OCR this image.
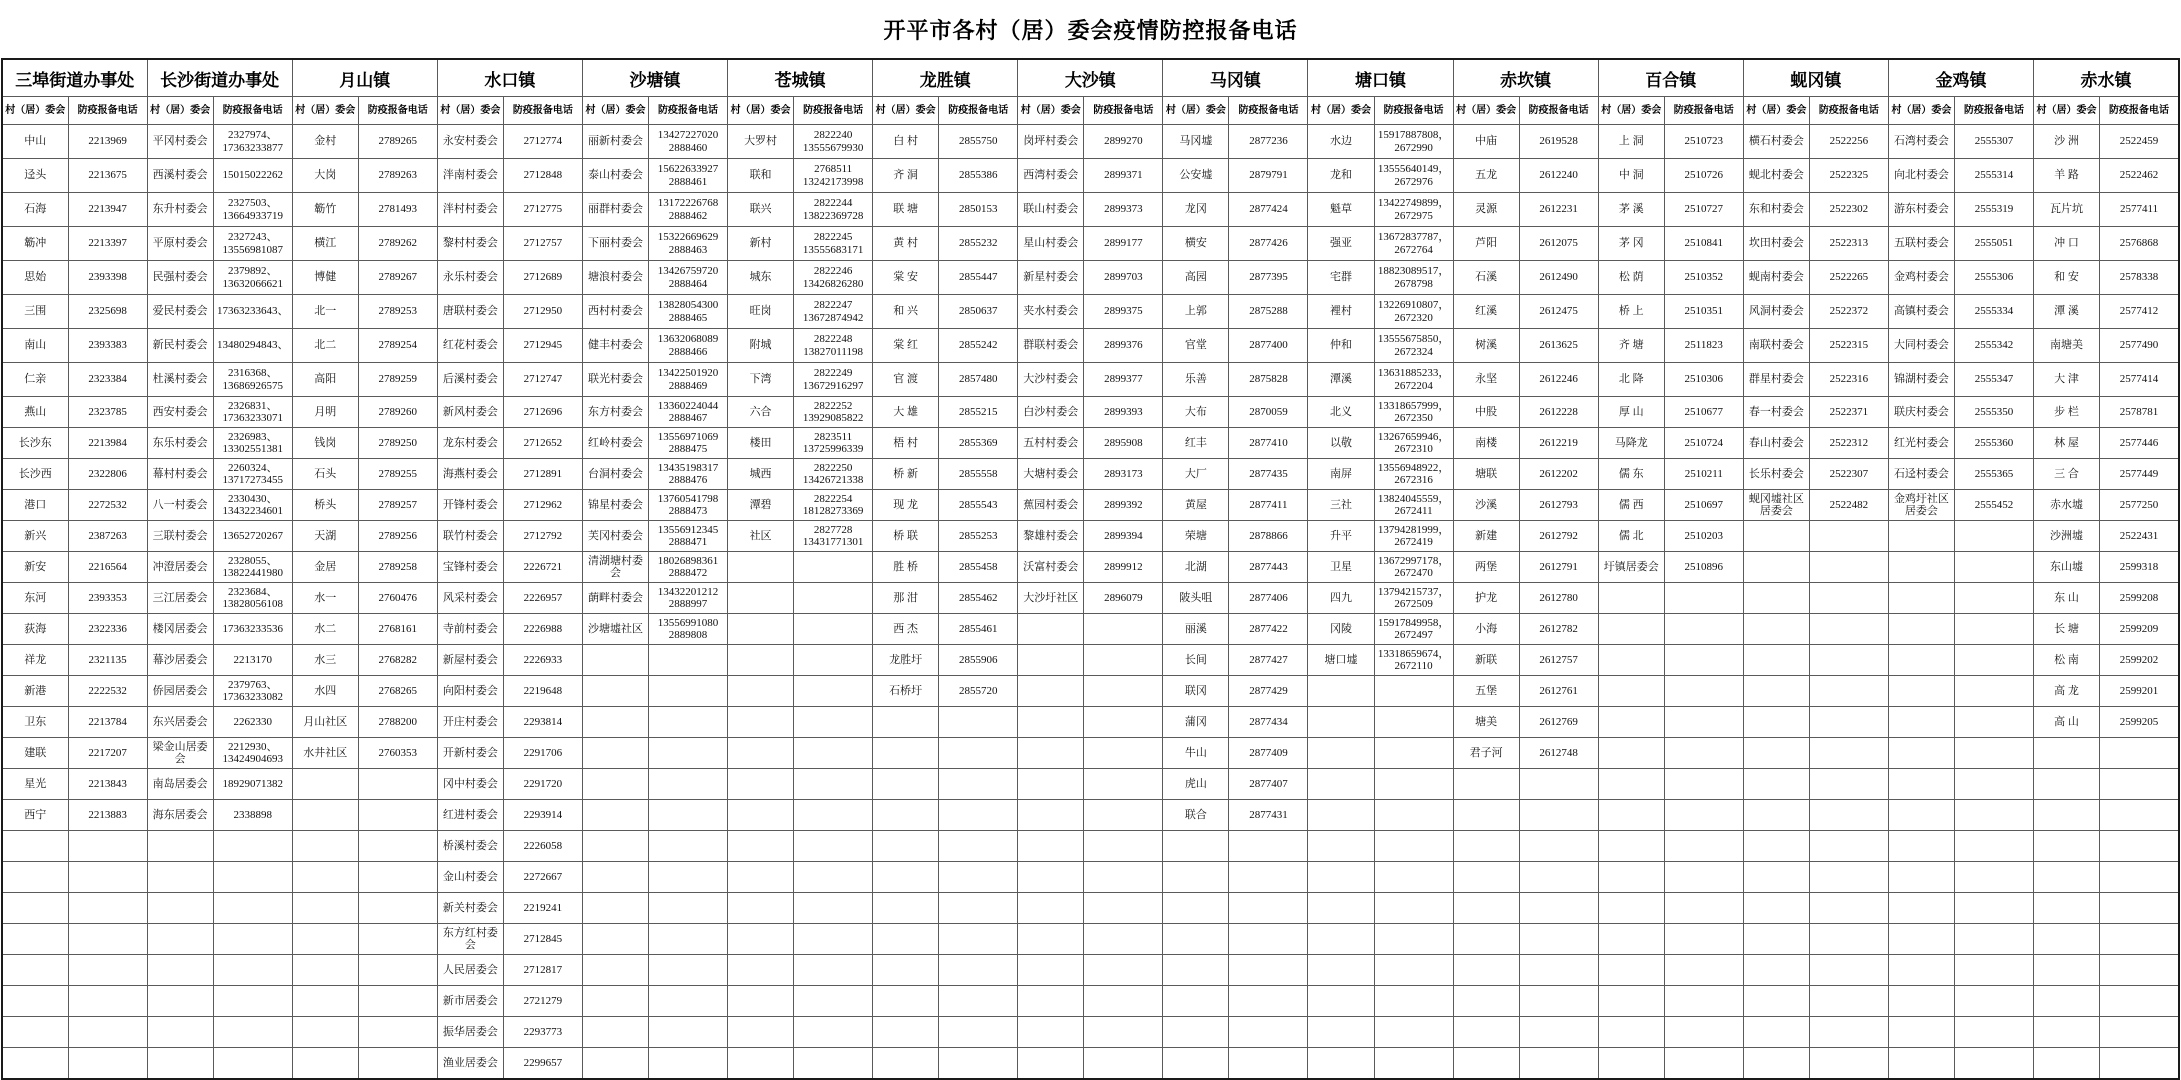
开平市各村（居）委会疫情防控报备电话
三埠街道办事处		长沙街道办事处		月山镇		水口镇		沙塘镇		苍城镇		龙胜镇		大沙镇		马冈镇		塘口镇		赤坎镇		百合镇		蚬冈镇		金鸡镇		赤水镇	
村（居）委会	防疫报备电话	村（居）委会	防疫报备电话	村（居）委会	防疫报备电话	村（居）委会	防疫报备电话	村（居）委会	防疫报备电话	村（居）委会	防疫报备电话	村（居）委会	防疫报备电话	村（居）委会	防疫报备电话	村（居）委会	防疫报备电话	村（居）委会	防疫报备电话	村（居）委会	防疫报备电话	村（居）委会	防疫报备电话	村（居）委会	防疫报备电话	村（居）委会	防疫报备电话	村（居）委会	防疫报备电话
中山	2213969	平冈村委会	2327974、17363233877	金村	2789265	永安村委会	2712774	丽新村委会	13427227020 2888460	大罗村	2822240 13555679930	白 村	2855750	岗坪村委会	2899270	马冈墟	2877236	水边	15917887808，2672990	中庙	2619528	上 洞	2510723	横石村委会	2522256	石湾村委会	2555307	沙 洲	2522459
迳头	2213675	西溪村委会	15015022262	大岗	2789263	泮南村委会	2712848	泰山村委会	15622633927 2888461	联和	2768511 13242173998	齐 洞	2855386	西湾村委会	2899371	公安墟	2879791	龙和	13555640149，2672976	五龙	2612240	中 洞	2510726	蚬北村委会	2522325	向北村委会	2555314	羊 路	2522462
石海	2213947	东升村委会	2327503、13664933719	簕竹	2781493	泮村村委会	2712775	丽群村委会	13172226768 2888462	联兴	2822244 13822369728	联 塘	2850153	联山村委会	2899373	龙冈	2877424	魁草	13422749899，2672975	灵源	2612231	茅 溪	2510727	东和村委会	2522302	游东村委会	2555319	瓦片坑	2577411
簕冲	2213397	平原村委会	2327243、13556981087	横江	2789262	黎村村委会	2712757	下丽村委会	15322669629 2888463	新村	2822245 13555683171	黄 村	2855232	星山村委会	2899177	横安	2877426	强亚	13672837787，2672764	芦阳	2612075	茅 冈	2510841	坎田村委会	2522313	五联村委会	2555051	冲 口	2576868
思始	2393398	民强村委会	2379892、13632066621	博健	2789267	永乐村委会	2712689	塘浪村委会	13426759720 2888464	城东	2822246 13426826280	棠 安	2855447	新星村委会	2899703	高园	2877395	宅群	18823089517，2678798	石溪	2612490	松 荫	2510352	蚬南村委会	2522265	金鸡村委会	2555306	和 安	2578338
三围	2325698	爱民村委会	17363233643、	北一	2789253	唐联村委会	2712950	西村村委会	13828054300 2888465	旺岗	2822247 13672874942	和 兴	2850637	夹水村委会	2899375	上郭	2875288	裡村	13226910807，2672320	红溪	2612475	桥 上	2510351	风洞村委会	2522372	高镇村委会	2555334	潭 溪	2577412
南山	2393383	新民村委会	13480294843、	北二	2789254	红花村委会	2712945	健丰村委会	13632068089 2888466	附城	2822248 13827011198	棠 红	2855242	群联村委会	2899376	官堂	2877400	仲和	13555675850，2672324	树溪	2613625	齐 塘	2511823	南联村委会	2522315	大同村委会	2555342	南塘美	2577490
仁亲	2323384	杜溪村委会	2316368、13686926575	高阳	2789259	后溪村委会	2712747	联光村委会	13422501920 2888469	下湾	2822249 13672916297	官 渡	2857480	大沙村委会	2899377	乐善	2875828	潭溪	13631885233，2672204	永坚	2612246	北 降	2510306	群星村委会	2522316	锦湖村委会	2555347	大 津	2577414
燕山	2323785	西安村委会	2326831、17363233071	月明	2789260	新风村委会	2712696	东方村委会	13360224044 2888467	六合	2822252 13929085822	大 雄	2855215	白沙村委会	2899393	大布	2870059	北义	13318657999，2672350	中股	2612228	厚 山	2510677	春一村委会	2522371	联庆村委会	2555350	步 栏	2578781
长沙东	2213984	东乐村委会	2326983、13302551381	钱岗	2789250	龙东村委会	2712652	红岭村委会	13556971069 2888475	楼田	2823511 13725996339	梧 村	2855369	五村村委会	2895908	红丰	2877410	以敬	13267659946，2672310	南楼	2612219	马降龙	2510724	春山村委会	2522312	红光村委会	2555360	林 屋	2577446
长沙西	2322806	幕村村委会	2260324、13717273455	石头	2789255	海燕村委会	2712891	台洞村委会	13435198317 2888476	城西	2822250 13426721338	桥 新	2855558	大塘村委会	2893173	大厂	2877435	南屏	13556948922，2672316	塘联	2612202	儒 东	2510211	长乐村委会	2522307	石迳村委会	2555365	三 合	2577449
港口	2272532	八一村委会	2330430、13432234601	桥头	2789257	开锋村委会	2712962	锦星村委会	13760541798 2888473	潭碧	2822254 18128273369	现 龙	2855543	蕉园村委会	2899392	黄屋	2877411	三社	13824045559，2672411	沙溪	2612793	儒 西	2510697	蚬冈墟社区居委会	2522482	金鸡圩社区居委会	2555452	赤水墟	2577250
新兴	2387263	三联村委会	13652720267	天湖	2789256	联竹村委会	2712792	芙冈村委会	13556912345 2888471	社区	2827728 13431771301	桥 联	2855253	黎雄村委会	2899394	荣塘	2878866	升平	13794281999，2672419	新建	2612792	儒 北	2510203					沙洲墟	2522431
新安	2216564	冲澄居委会	2328055、13822441980	金居	2789258	宝锋村委会	2226721	清湖塘村委会	18026898361 2888472			胜 桥	2855458	沃富村委会	2899912	北湖	2877443	卫星	13672997178，2672470	两堡	2612791	圩镇居委会	2510896					东山墟	2599318
东河	2393353	三江居委会	2323684、13828056108	水一	2760476	风采村委会	2226957	蓢畔村委会	13432201212 2888997			那 泔	2855462	大沙圩社区	2896079	陂头咀	2877406	四九	13794215737，2672509	护龙	2612780							东 山	2599208
荻海	2322336	楼冈居委会	17363233536	水二	2768161	寺前村委会	2226988	沙塘墟社区	13556991080 2889808			西 杰	2855461			丽溪	2877422	冈陵	15917849958，2672497	小海	2612782							长 塘	2599209
祥龙	2321135	幕沙居委会	2213170	水三	2768282	新屋村委会	2226933					龙胜圩	2855906			长间	2877427	塘口墟	13318659674，2672110	新联	2612757							松 南	2599202
新港	2222532	侨园居委会	2379763、17363233082	水四	2768265	向阳村委会	2219648					石桥圩	2855720			联冈	2877429			五堡	2612761							高 龙	2599201
卫东	2213784	东兴居委会	2262330	月山社区	2788200	开庄村委会	2293814									蒲冈	2877434			塘美	2612769							高 山	2599205
建联	2217207	梁金山居委会	2212930、13424904693	水井社区	2760353	开新村委会	2291706									牛山	2877409			君子河	2612748								
星光	2213843	南岛居委会	18929071382			冈中村委会	2291720									虎山	2877407												
西宁	2213883	海东居委会	2338898			红进村委会	2293914									联合	2877431												
						桥溪村委会	2226058																						
						金山村委会	2272667																						
						新关村委会	2219241																						
						东方红村委会	2712845																						
						人民居委会	2712817																						
						新市居委会	2721279																						
						振华居委会	2293773																						
						渔业居委会	2299657																						
